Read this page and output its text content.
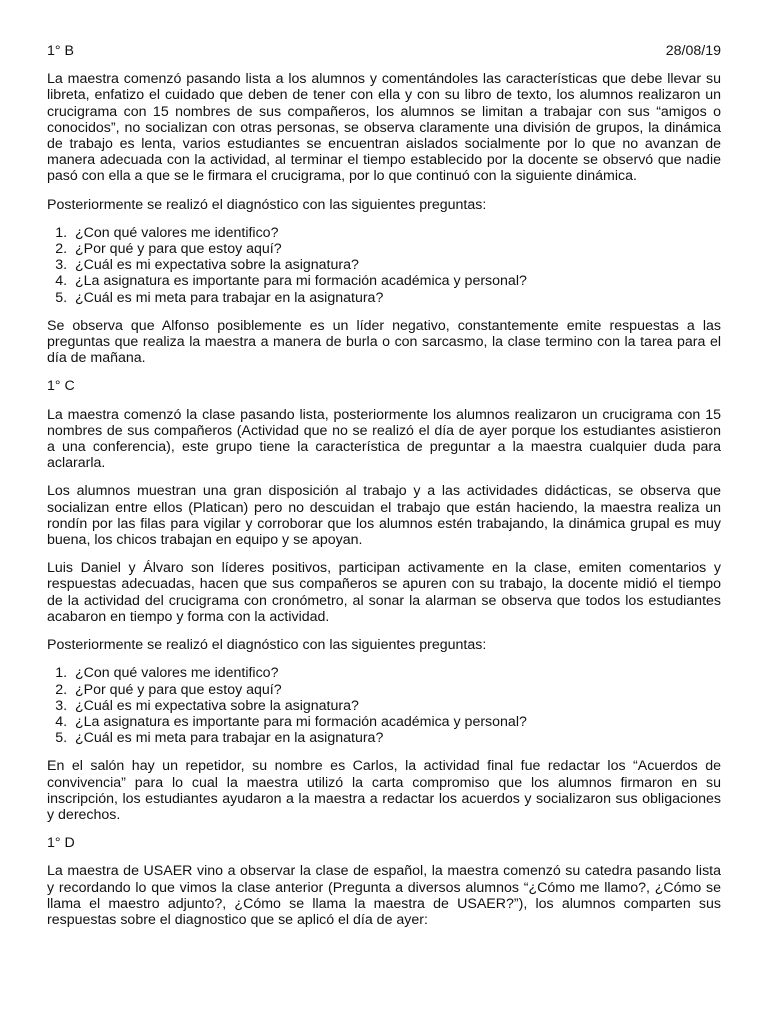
1° B	28/08/19

La maestra comenzó pasando lista a los alumnos y comentándoles las características que debe llevar su libreta, enfatizo el cuidado que deben de tener con ella y con su libro de texto, los alumnos realizaron un crucigrama con 15 nombres de sus compañeros, los alumnos se limitan a trabajar con sus “amigos o conocidos”, no socializan con otras personas, se observa claramente una división de grupos, la dinámica de trabajo es lenta, varios estudiantes se encuentran aislados socialmente por lo que no avanzan de manera adecuada con la actividad, al terminar el tiempo establecido por la docente se observó que nadie pasó con ella a que se le firmara el crucigrama, por lo que continuó con la siguiente dinámica.

Posteriormente se realizó el diagnóstico con las siguientes preguntas:

1. ¿Con qué valores me identifico?
2. ¿Por qué y para que estoy aquí?
3. ¿Cuál es mi expectativa sobre la asignatura?
4. ¿La asignatura es importante para mi formación académica y personal?
5. ¿Cuál es mi meta para trabajar en la asignatura?

Se observa que Alfonso posiblemente es un líder negativo, constantemente emite respuestas a las preguntas que realiza la maestra a manera de burla o con sarcasmo, la clase termino con la tarea para el día de mañana.

1° C

La maestra comenzó la clase pasando lista, posteriormente los alumnos realizaron un crucigrama con 15 nombres de sus compañeros (Actividad que no se realizó el día de ayer porque los estudiantes asistieron a una conferencia), este grupo tiene la característica de preguntar a la maestra cualquier duda para aclararla.

Los alumnos muestran una gran disposición al trabajo y a las actividades didácticas, se observa que socializan entre ellos (Platican) pero no descuidan el trabajo que están haciendo, la maestra realiza un rondín por las filas para vigilar y corroborar que los alumnos estén trabajando, la dinámica grupal es muy buena, los chicos trabajan en equipo y se apoyan.

Luis Daniel y Álvaro son líderes positivos, participan activamente en la clase, emiten comentarios y respuestas adecuadas, hacen que sus compañeros se apuren con su trabajo, la docente midió el tiempo de la actividad del crucigrama con cronómetro, al sonar la alarman se observa que todos los estudiantes acabaron en tiempo y forma con la actividad.

Posteriormente se realizó el diagnóstico con las siguientes preguntas:

1. ¿Con qué valores me identifico?
2. ¿Por qué y para que estoy aquí?
3. ¿Cuál es mi expectativa sobre la asignatura?
4. ¿La asignatura es importante para mi formación académica y personal?
5. ¿Cuál es mi meta para trabajar en la asignatura?

En el salón hay un repetidor, su nombre es Carlos, la actividad final fue redactar los “Acuerdos de convivencia” para lo cual la maestra utilizó la carta compromiso que los alumnos firmaron en su inscripción, los estudiantes ayudaron a la maestra a redactar los acuerdos y socializaron sus obligaciones y derechos.

1° D

La maestra de USAER vino a observar la clase de español, la maestra comenzó su catedra pasando lista y recordando lo que vimos la clase anterior (Pregunta a diversos alumnos “¿Cómo me llamo?, ¿Cómo se llama el maestro adjunto?, ¿Cómo se llama la maestra de USAER?”), los alumnos comparten sus respuestas sobre el diagnostico que se aplicó el día de ayer:
